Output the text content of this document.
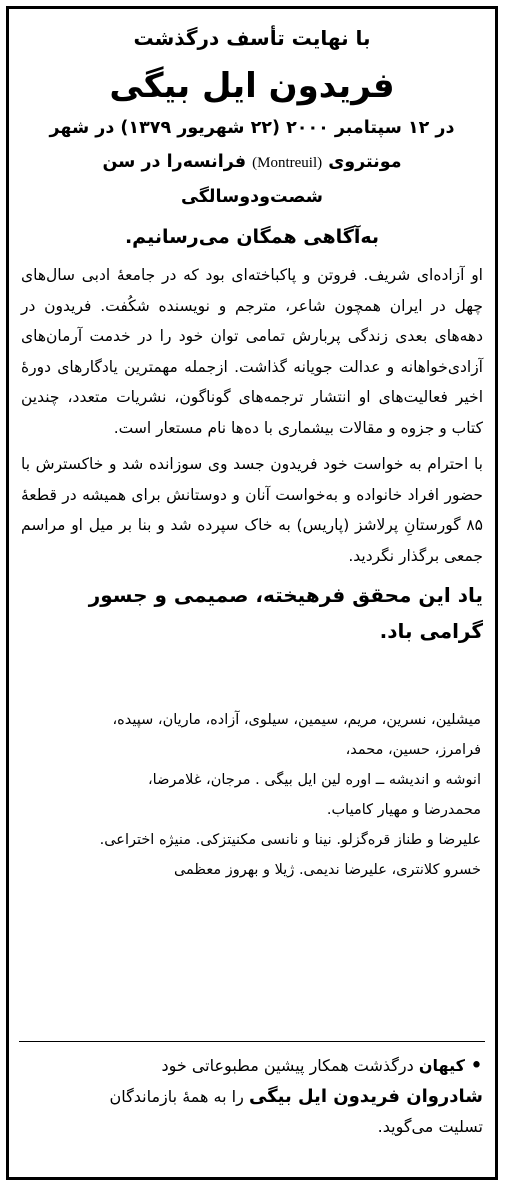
با نهایت تأسف درگذشت
فریدون ایل بیگی
در ۱۲ سپتامبر ۲۰۰۰ (۲۲ شهریور ۱۳۷۹) در شهر
مونتروی (Montreuil) فرانسه‌را در سن
شصت‌ودوسالگی
به‌آگاهی همگان می‌رسانیم.
او آزاده‌ای شریف. فروتن و پاکباخته‌ای بود که در جامعهٔ ادبی سال‌های چهل در ایران همچون شاعر، مترجم و نویسنده شکُفت. فریدون در دهه‌های بعدی زندگی پربارش تمامی توان خود را در خدمت آرمان‌های آزادی‌خواهانه و عدالت جویانه گذاشت. ازجمله مهمترین یادگارهای دورهٔ اخیر فعالیت‌های او انتشار ترجمه‌های گوناگون، نشریات متعدد، چندین کتاب و جزوه و مقالات بیشماری با ده‌ها نام مستعار است.
با احترام به خواست خود فریدون جسد وی سوزانده شد و خاکسترش با حضور افراد خانواده و به‌خواست آنان و دوستانش برای همیشه در قطعهٔ ۸۵ گورستانِ پرلاشز (پاریس) به خاک سپرده شد و بنا بر میل او مراسم جمعی برگذار نگردید.
یاد این محقق فرهیخته، صمیمی و جسور گرامی باد.
میشلین، نسرین، مریم، سیمین، سیلوی، آزاده، ماریان، سپیده،
فرامرز، حسین، محمد،
انوشه و اندیشه ــ اوره لین ایل بیگی . مرجان، غلامرضا،
محمدرضا و مهیار کامیاب.
علیرضا و طناز قره‌گزلو. نینا و نانسی مکنیتزکی. منیژه اختراعی.
خسرو کلانتری، علیرضا ندیمی. ژیلا و بهروز معظمی
• کیهان درگذشت همکار پیشین مطبوعاتی خود
شادروان فریدون ایل بیگی را به همهٔ بازماندگان
تسلیت می‌گوید.
